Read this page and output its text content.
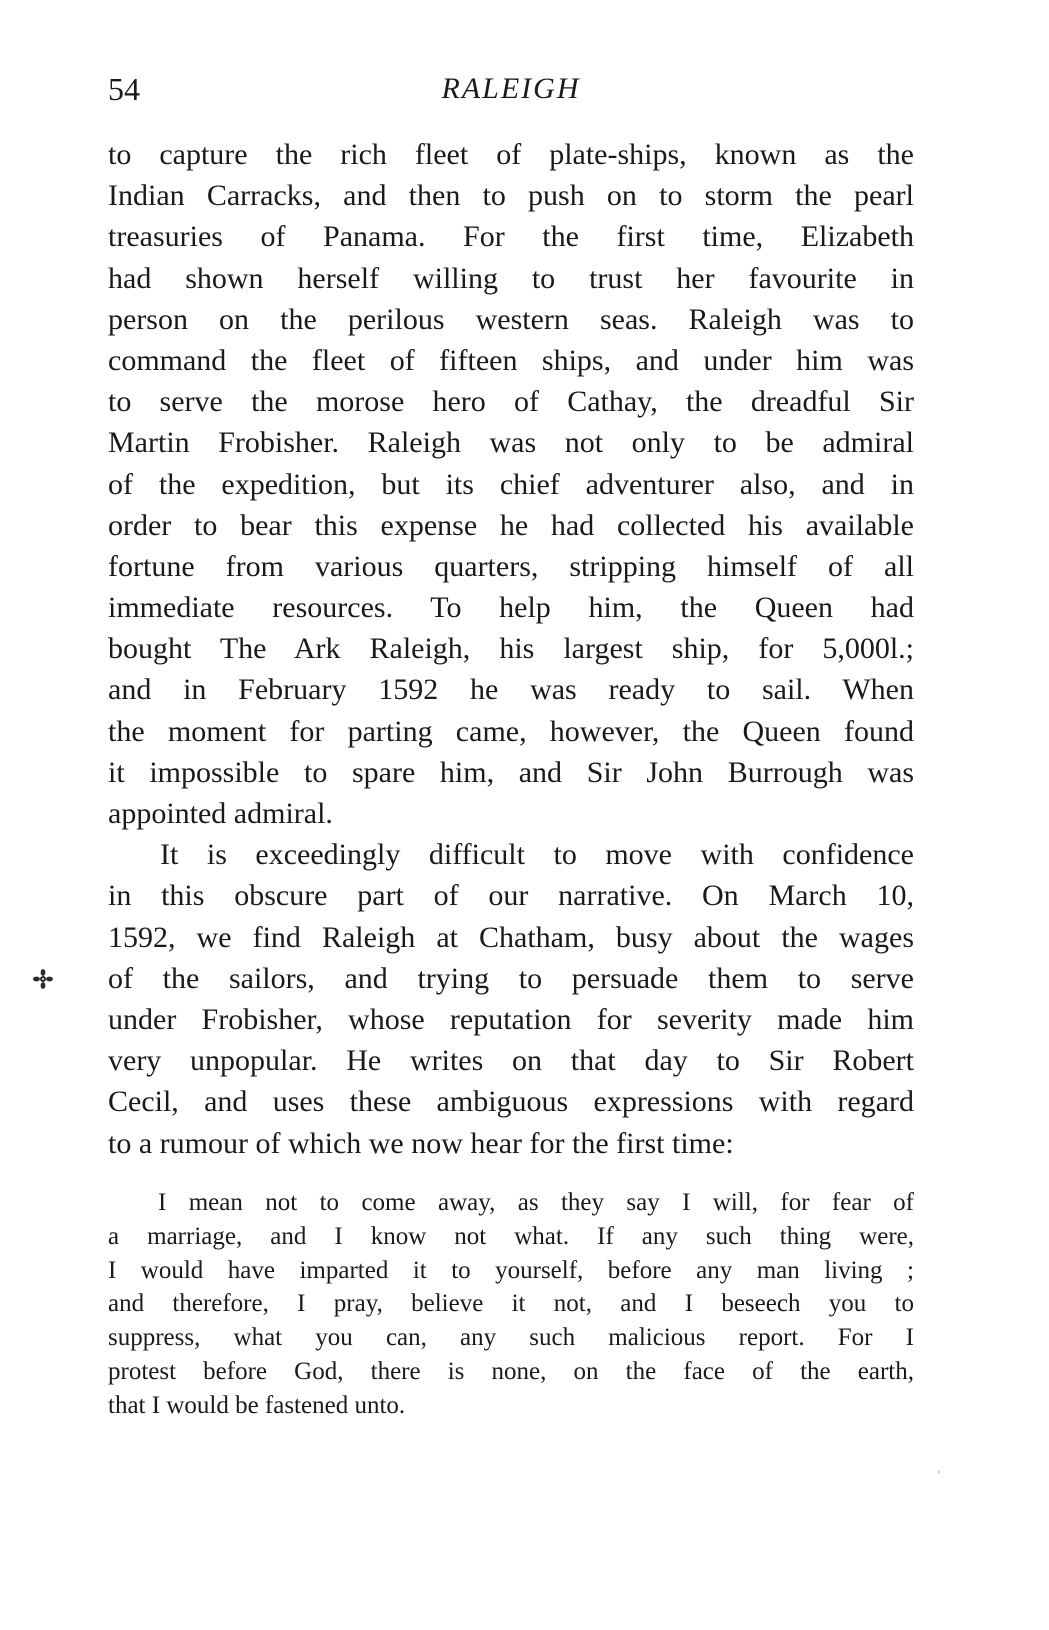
54	RALEIGH
to capture the rich fleet of plate-ships, known as the
Indian Carracks, and then to push on to storm the pearl
treasuries of Panama. For the first time, Elizabeth
had shown herself willing to trust her favourite in
person on the perilous western seas. Raleigh was to
command the fleet of fifteen ships, and under him was
to serve the morose hero of Cathay, the dreadful Sir
Martin Frobisher. Raleigh was not only to be admiral
of the expedition, but its chief adventurer also, and in
order to bear this expense he had collected his available
fortune from various quarters, stripping himself of all
immediate resources. To help him, the Queen had
bought The Ark Raleigh, his largest ship, for 5,000l.;
and in February 1592 he was ready to sail. When
the moment for parting came, however, the Queen found
it impossible to spare him, and Sir John Burrough was
appointed admiral.
It is exceedingly difficult to move with confidence
in this obscure part of our narrative. On March 10,
1592, we find Raleigh at Chatham, busy about the wages
of the sailors, and trying to persuade them to serve
under Frobisher, whose reputation for severity made him
very unpopular. He writes on that day to Sir Robert
Cecil, and uses these ambiguous expressions with regard
to a rumour of which we now hear for the first time:
I mean not to come away, as they say I will, for fear of
a marriage, and I know not what. If any such thing were,
I would have imparted it to yourself, before any man living ;
and therefore, I pray, believe it not, and I beseech you to
suppress, what you can, any such malicious report. For I
protest before God, there is none, on the face of the earth,
that I would be fastened unto.
